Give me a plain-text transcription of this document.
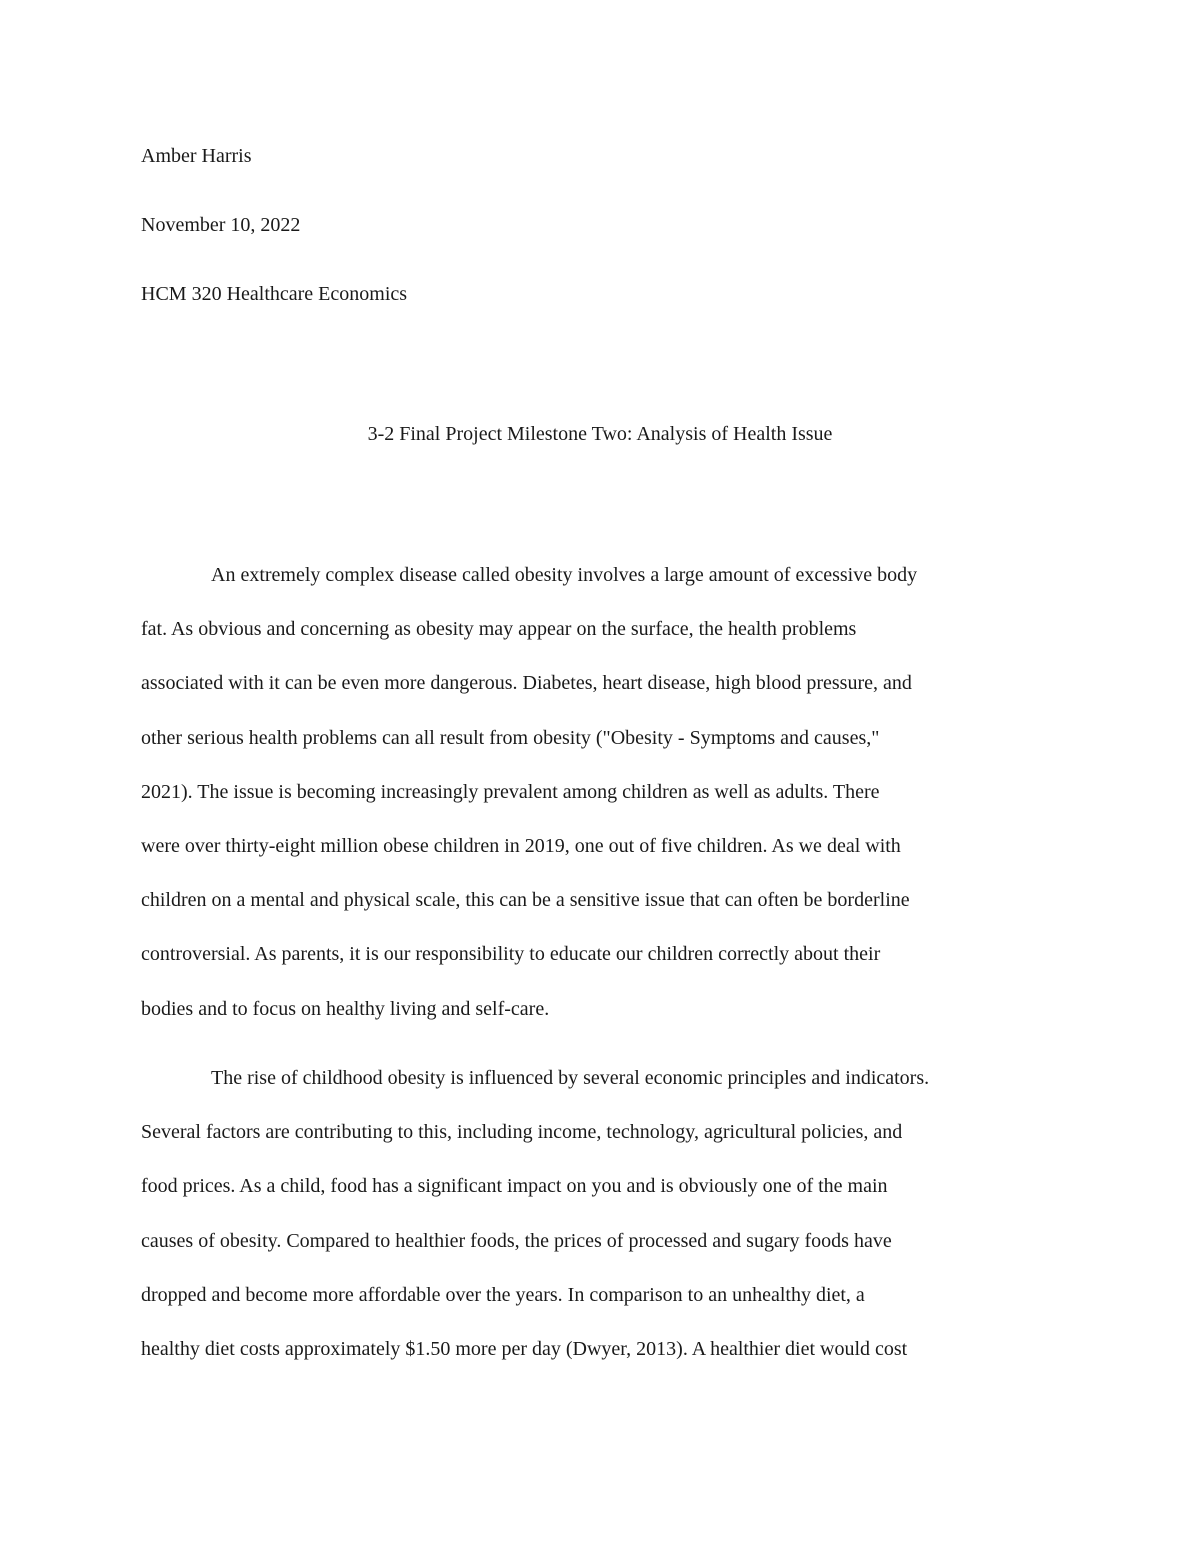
Amber Harris
November 10, 2022
HCM 320 Healthcare Economics
3-2 Final Project Milestone Two: Analysis of Health Issue

An extremely complex disease called obesity involves a large amount of excessive body
fat. As obvious and concerning as obesity may appear on the surface, the health problems
associated with it can be even more dangerous. Diabetes, heart disease, high blood pressure, and
other serious health problems can all result from obesity ("Obesity - Symptoms and causes,"
2021). The issue is becoming increasingly prevalent among children as well as adults. There
were over thirty-eight million obese children in 2019, one out of five children. As we deal with
children on a mental and physical scale, this can be a sensitive issue that can often be borderline
controversial. As parents, it is our responsibility to educate our children correctly about their
bodies and to focus on healthy living and self-care.

The rise of childhood obesity is influenced by several economic principles and indicators.
Several factors are contributing to this, including income, technology, agricultural policies, and
food prices. As a child, food has a significant impact on you and is obviously one of the main
causes of obesity. Compared to healthier foods, the prices of processed and sugary foods have
dropped and become more affordable over the years. In comparison to an unhealthy diet, a
healthy diet costs approximately $1.50 more per day (Dwyer, 2013). A healthier diet would cost
